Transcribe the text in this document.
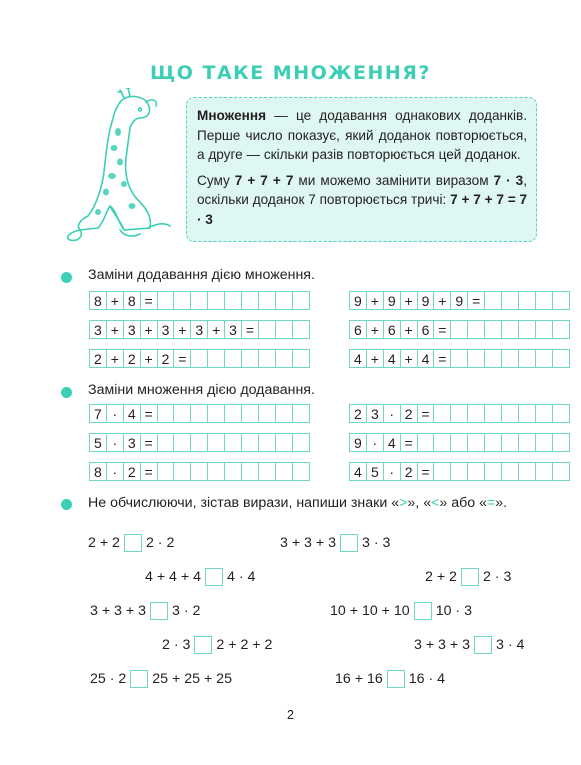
ЩО ТАКЕ МНОЖЕННЯ?

Множення — це додавання однакових доданків. Перше число показує, який доданок повторюється, а друге — скільки разів повторюється цей доданок.

Суму 7 + 7 + 7 ми можемо замінити виразом 7 · 3, оскільки доданок 7 повторюється тричі: 7 + 7 + 7 = 7 · 3

Заміни додавання дією множення.
8 + 8 =	9 + 9 + 9 + 9 =
3 + 3 + 3 + 3 + 3 =	6 + 6 + 6 =
2 + 2 + 2 =	4 + 4 + 4 =
Заміни множення дією додавання.
7 · 4 =	2 3 · 2 =
5 · 3 =	9 · 4 =
8 · 2 =	4 5 · 2 =
Не обчислюючи, зістав вирази, напиши знаки «>», «<» або «=».
2 + 2 2 · 2	3 + 3 + 3 3 · 3
4 + 4 + 4 4 · 4	2 + 2 2 · 3
3 + 3 + 3 3 · 2	10 + 10 + 10 10 · 3
2 · 3 2 + 2 + 2	3 + 3 + 3 3 · 4
25 · 2 25 + 25 + 25	16 + 16 16 · 4
2
